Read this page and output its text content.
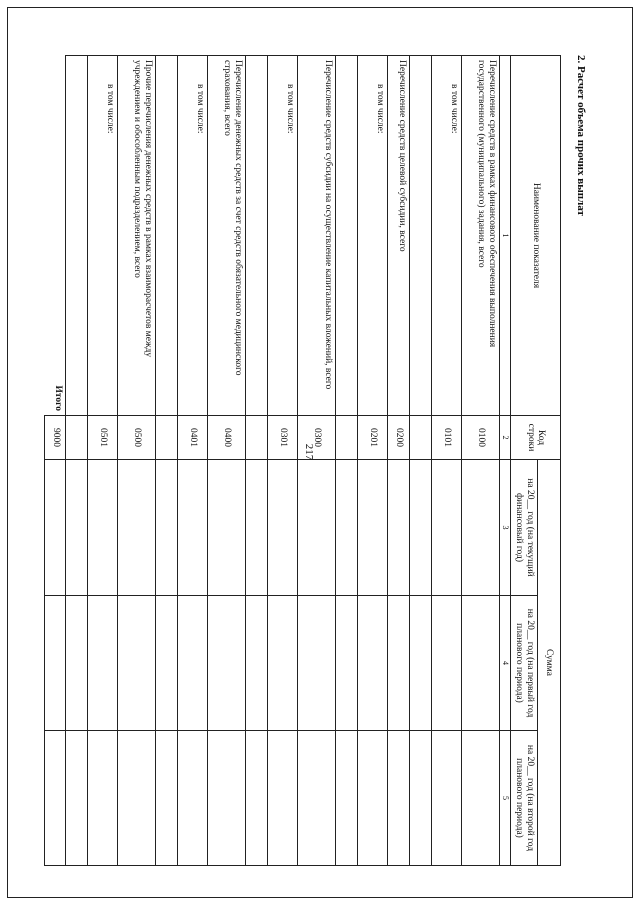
217
2. Расчет объема прочих выплат
Наименование показателя	Код строки	Сумма		
		на 20__ год (на текущий финансовый год)	на 20__ год (на первый год планового периода)	на 20__ год (на второй год планового периода)
1	2	3	4	5
Перечисление средств в рамках финансового обеспечения выполнения государственного (муниципального) задания, всего	0100			
в том числе:	0101			

Перечисление средств целевой субсидии, всего	0200			
в том числе:	0201			

Перечисление средств субсидии на осуществление капитальных вложений, всего	0300			
в том числе:	0301			

Перечисление денежных средств за счет средств обязательного медицинского страхования, всего	0400			
в том числе:	0401			

Прочие перечисления денежных средств в рамках взаиморасчетов между учреждением и обособленным подразделением, всего	0500			
в том числе:	0501			

Итого	9000			
